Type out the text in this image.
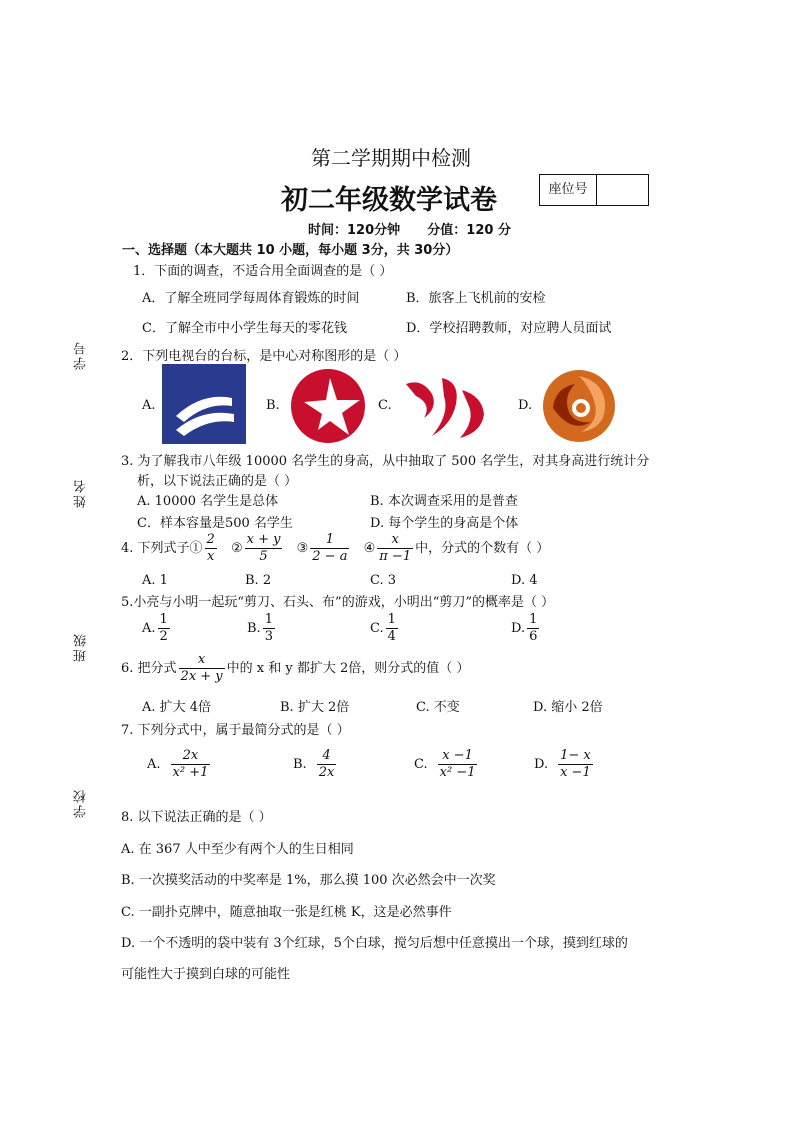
学号
姓名
班级
学校
第二学期期中检测
初二年级数学试卷	座位号
时间：120分钟      分值：120 分
一、选择题（本大题共 10 小题，每小题 3分，共 30分）
1．下面的调查，不适合用全面调查的是（ ）
A．了解全班同学每周体育锻炼的时间	B．旅客上飞机前的安检
C．了解全市中小学生每天的零花钱	D．学校招聘教师，对应聘人员面试
2．下列电视台的台标，是中心对称图形的是（ ）
A.	B.	C.	D.
3. 为了解我市八年级 10000 名学生的身高，从中抽取了 500 名学生，对其身高进行统计分
析，以下说法正确的是（ ）
A. 10000 名学生是总体	B. 本次调查采用的是普查
C．样本容量是500 名学生	D. 每个学生的身高是个体
4. 下列式子① $\frac{2}{x}$ ② $\frac{x + y}{5}$ ③ $\frac{1}{2 - a}$ ④ $\frac{x}{\pi -1}$ 中，分式的个数有（ ）
A. 1	B. 2	C. 3	D. 4
5.小亮与小明一起玩“剪刀、石头、布”的游戏，小明出“剪刀”的概率是（ ）
A. $\frac{1}{2}$	B. $\frac{1}{3}$	C. $\frac{1}{4}$	D. $\frac{1}{6}$
6. 把分式 $\frac{x}{2x + y}$ 中的 x 和 y 都扩大 2倍，则分式的值（ ）
A. 扩大 4倍	B. 扩大 2倍	C. 不变	D. 缩小 2倍
7. 下列分式中，属于最简分式的是（ ）
A. $\frac{2x}{\text{x² +1}}$	B. $\frac{4}{2x}$	C. $\frac{x -1}{\text{x² −1}}$	D. $\frac{1- x}{x -1}$
8. 以下说法正确的是（ ）
A. 在 367 人中至少有两个人的生日相同
B. 一次摸奖活动的中奖率是 1%，那么摸 100 次必然会中一次奖
C. 一副扑克牌中，随意抽取一张是红桃 K，这是必然事件
D. 一个不透明的袋中装有 3个红球，5个白球，搅匀后想中任意摸出一个球，摸到红球的
可能性大于摸到白球的可能性
